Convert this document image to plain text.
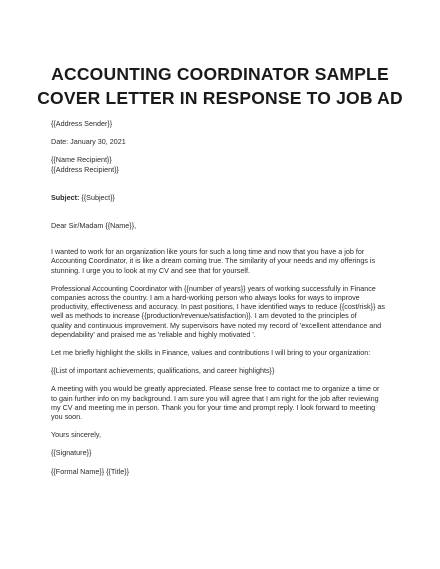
ACCOUNTING COORDINATOR SAMPLE
COVER LETTER IN RESPONSE TO JOB AD

{{Address Sender}}

Date: January 30, 2021

{{Name Recipient}}
{{Address Recipient}}

Subject: {{Subject}}

Dear Sir/Madam {{Name}},

I wanted to work for an organization like yours for such a long time and now that you have a job for
Accounting Coordinator, it is like a dream coming true. The similarity of your needs and my offerings is
stunning. I urge you to look at my CV and see that for yourself.
Professional Accounting Coordinator with {{number of years}} years of working successfully in Finance
companies across the country. I am a hard-working person who always looks for ways to improve
productivity, effectiveness and accuracy. In past positions, I have identified ways to reduce {{cost/risk}} as
well as methods to increase {{production/revenue/satisfaction}}. I am devoted to the principles of
quality and continuous improvement. My supervisors have noted my record of 'excellent attendance and
dependability' and praised me as 'reliable and highly motivated '.

Let me briefly highlight the skills in Finance, values and contributions I will bring to your organization:

{{List of important achievements, qualifications, and career highlights}}

A meeting with you would be greatly appreciated. Please sense free to contact me to organize a time or
to gain further info on my background. I am sure you will agree that I am right for the job after reviewing
my CV and meeting me in person. Thank you for your time and prompt reply. I look forward to meeting
you soon.

Yours sincerely,

{{Signature}}

{{Formal Name}} {{Title}}
